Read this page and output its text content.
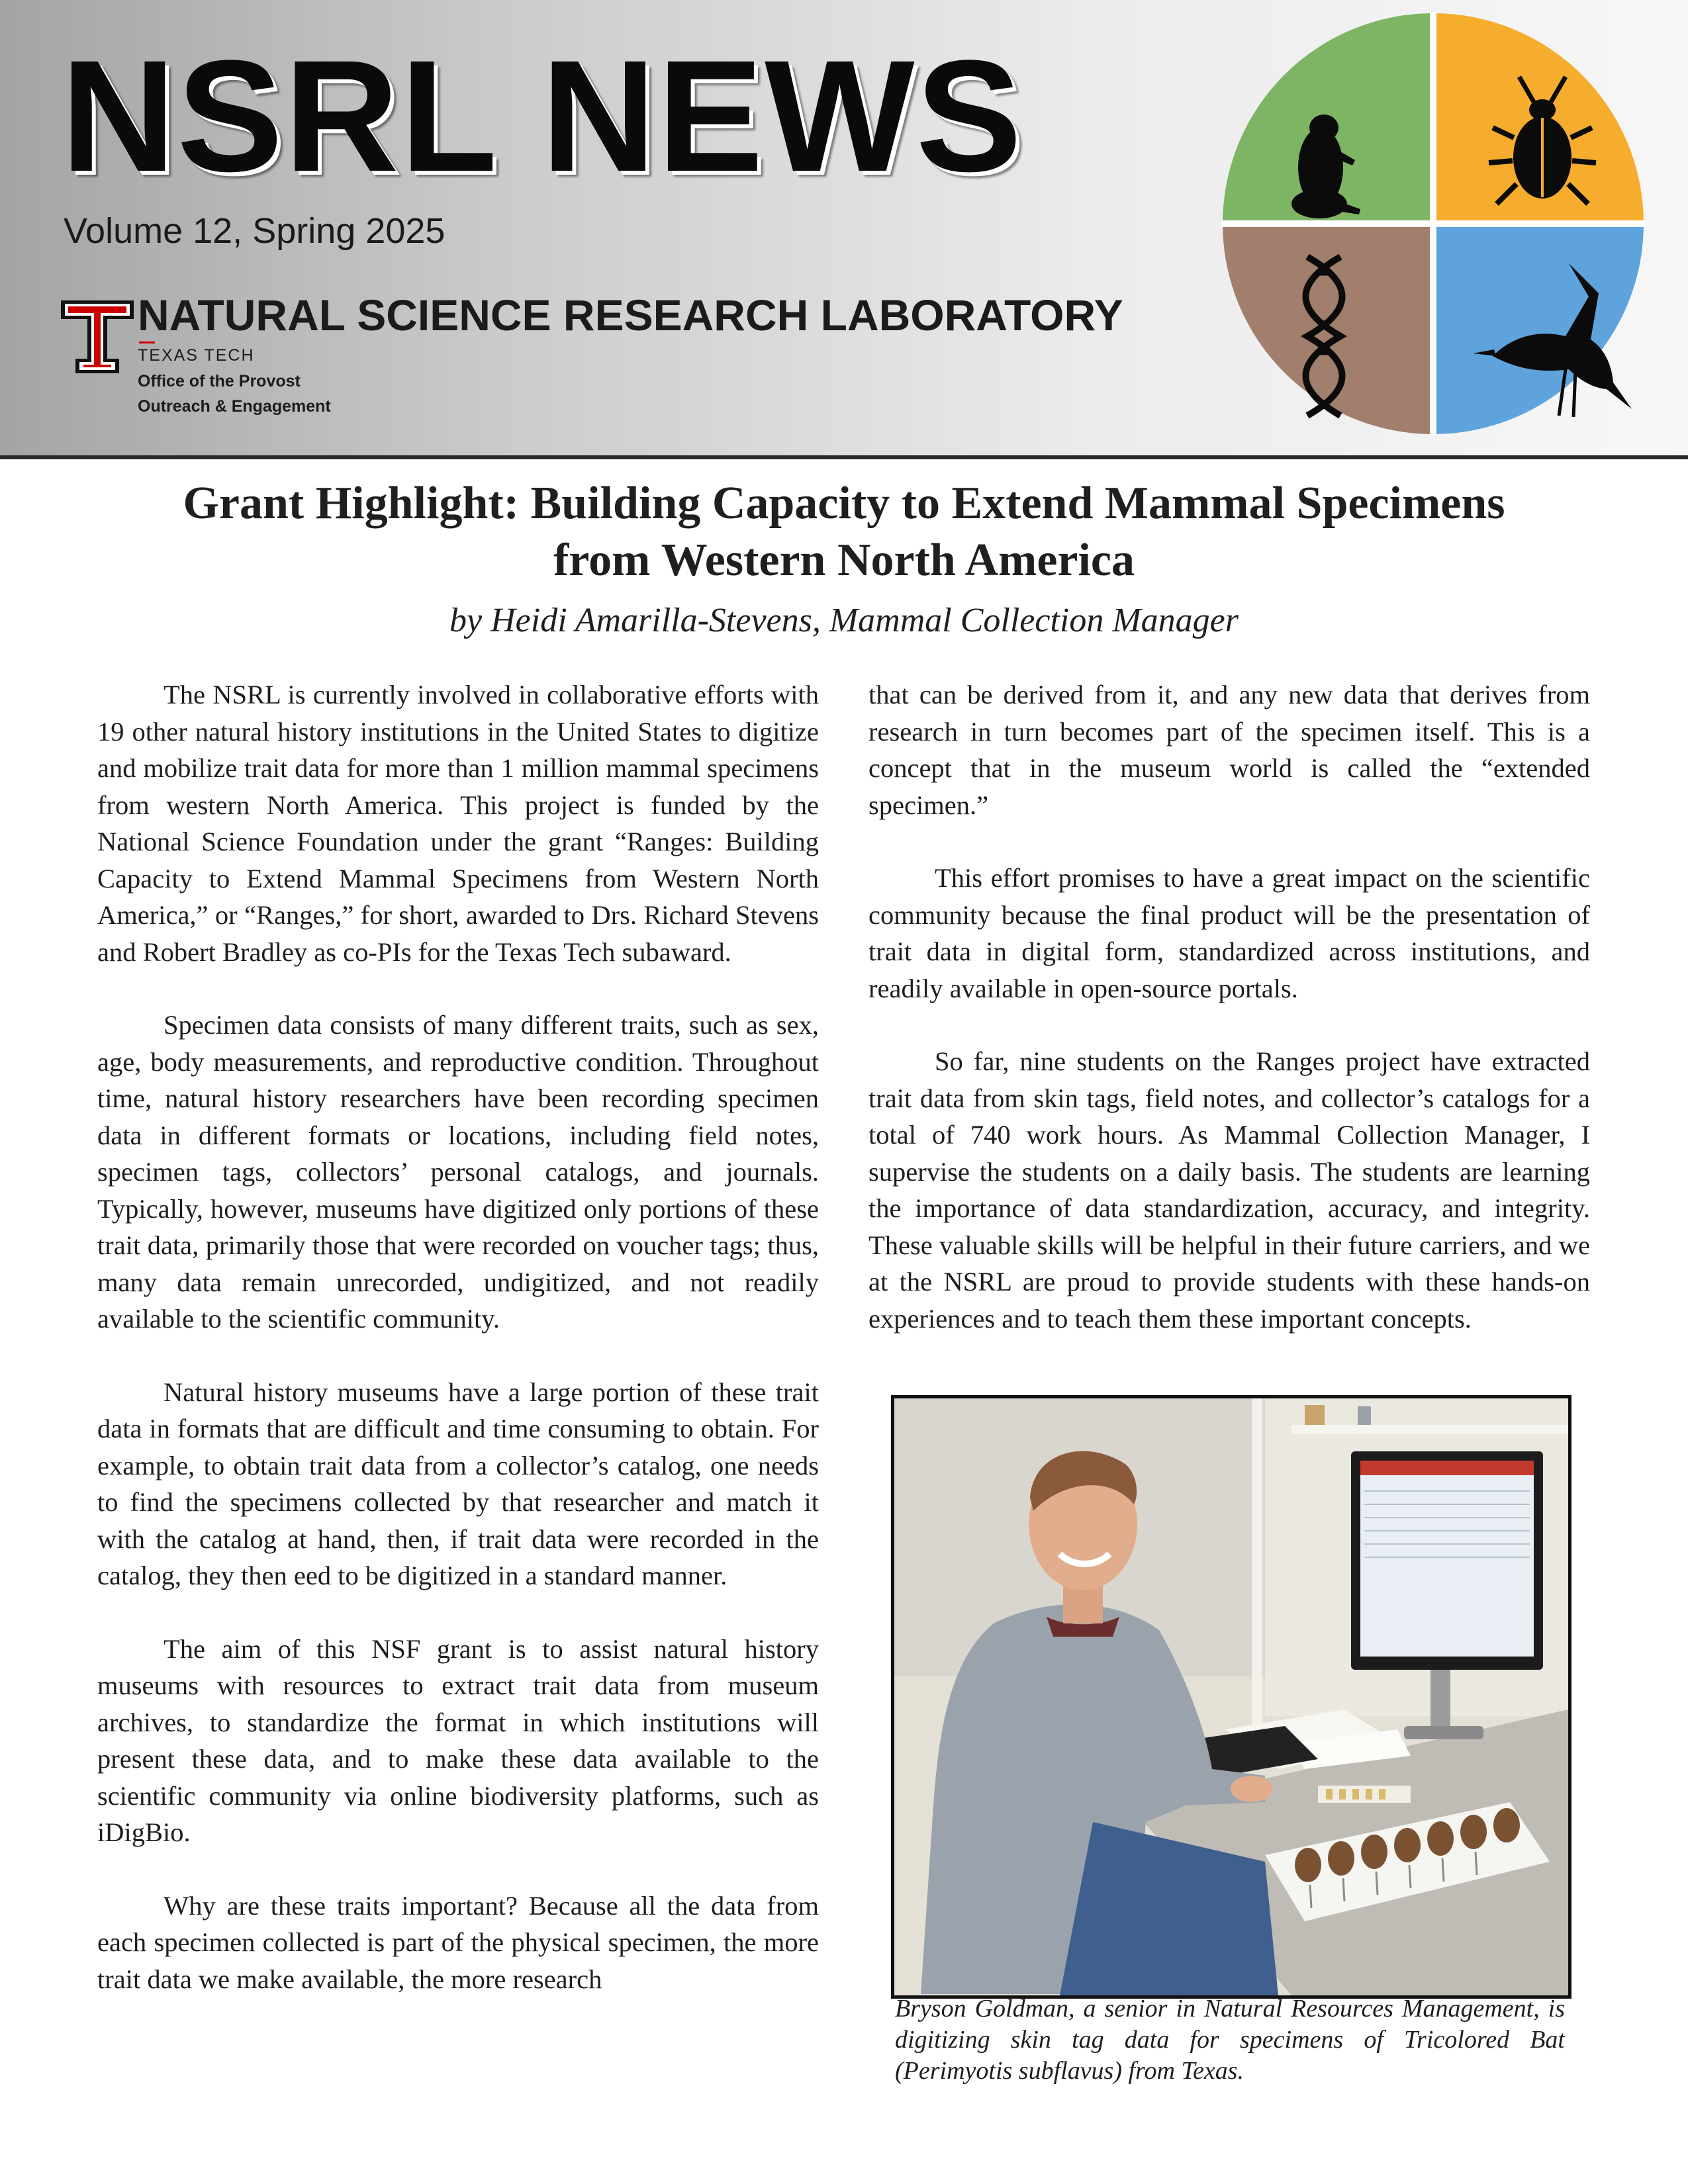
NSRL NEWS
Volume 12, Spring 2025
NATURAL SCIENCE RESEARCH LABORATORY
TEXAS TECH
Office of the Provost
Outreach & Engagement
Grant Highlight: Building Capacity to Extend Mammal Specimens
from Western North America
by Heidi Amarilla-Stevens, Mammal Collection Manager

The NSRL is currently involved in collaborative efforts with 19 other natural history institutions in the United States to digitize and mobilize trait data for more than 1 million mammal specimens from western North America. This project is funded by the National Science Foundation under the grant “Ranges: Building Capacity to Extend Mammal Specimens from Western North America,” or “Ranges,” for short, awarded to Drs. Richard Stevens and Robert Bradley as co-PIs for the Texas Tech subaward.

Specimen data consists of many different traits, such as sex, age, body measurements, and reproductive condition. Throughout time, natural history researchers have been recording specimen data in different formats or locations, including field notes, specimen tags, collectors’ personal catalogs, and journals. Typically, however, museums have digitized only portions of these trait data, primarily those that were recorded on voucher tags; thus, many data remain unrecorded, undigitized, and not readily available to the scientific community.

Natural history museums have a large portion of these trait data in formats that are difficult and time consuming to obtain. For example, to obtain trait data from a collector’s catalog, one needs to find the specimens collected by that researcher and match it with the catalog at hand, then, if trait data were recorded in the catalog, they then eed to be digitized in a standard manner.

The aim of this NSF grant is to assist natural history museums with resources to extract trait data from museum archives, to standardize the format in which institutions will present these data, and to make these data available to the scientific community via online biodiversity platforms, such as iDigBio.

Why are these traits important? Because all the data from each specimen collected is part of the physical specimen, the more trait data we make available, the more research

that can be derived from it, and any new data that derives from research in turn becomes part of the specimen itself. This is a concept that in the museum world is called the “extended specimen.”

This effort promises to have a great impact on the scientific community because the final product will be the presentation of trait data in digital form, standardized across institutions, and readily available in open-source portals.

So far, nine students on the Ranges project have extracted trait data from skin tags, field notes, and collector’s catalogs for a total of 740 work hours. As Mammal Collection Manager, I supervise the students on a daily basis. The students are learning the importance of data standardization, accuracy, and integrity. These valuable skills will be helpful in their future carriers, and we at the NSRL are proud to provide students with these hands-on experiences and to teach them these important concepts.

Bryson Goldman, a senior in Natural Resources Management, is digitizing skin tag data for specimens of Tricolored Bat (Perimyotis subflavus) from Texas.
